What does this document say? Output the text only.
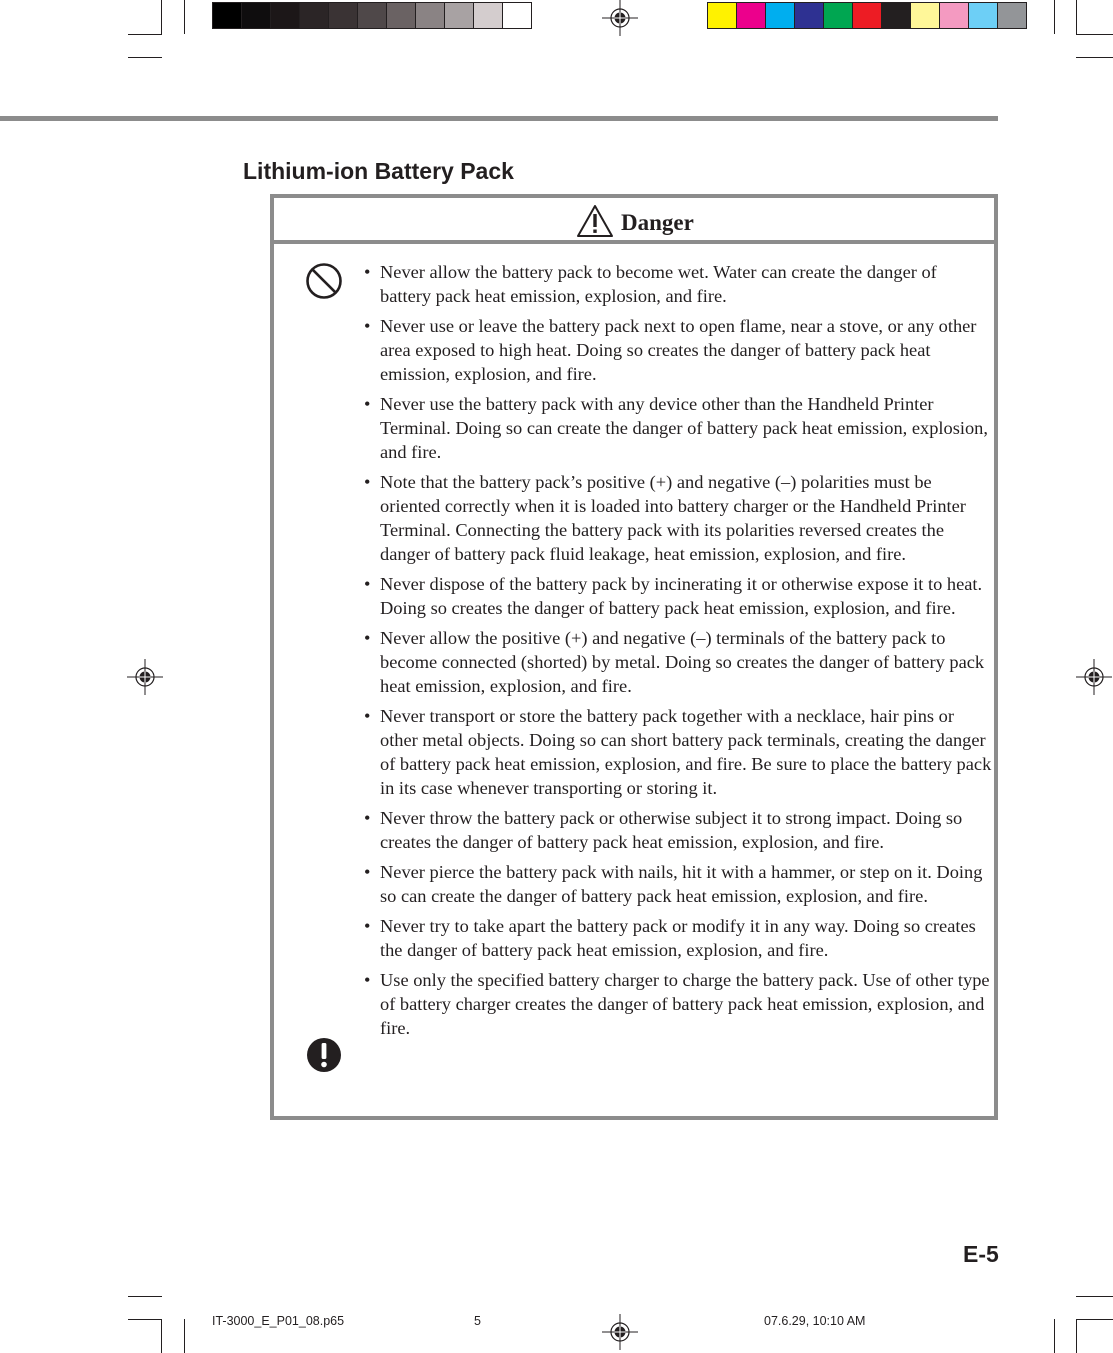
Lithium-ion Battery Pack
Danger
• Never allow the battery pack to become wet. Water can create the danger of battery pack heat emission, explosion, and fire.
• Never use or leave the battery pack next to open flame, near a stove, or any other area exposed to high heat. Doing so creates the danger of battery pack heat emission, explosion, and fire.
• Never use the battery pack with any device other than the Handheld Printer Terminal. Doing so can create the danger of battery pack heat emission, explosion, and fire.
• Note that the battery pack’s positive (+) and negative (–) polarities must be oriented correctly when it is loaded into battery charger or the Handheld Printer Terminal. Connecting the battery pack with its polarities reversed creates the danger of battery pack fluid leakage, heat emission, explosion, and fire.
• Never dispose of the battery pack by incinerating it or otherwise expose it to heat. Doing so creates the danger of battery pack heat emission, explosion, and fire.
• Never allow the positive (+) and negative (–) terminals of the battery pack to become connected (shorted) by metal. Doing so creates the danger of battery pack heat emission, explosion, and fire.
• Never transport or store the battery pack together with a necklace, hair pins or other metal objects. Doing so can short battery pack terminals, creating the danger of battery pack heat emission, explosion, and fire. Be sure to place the battery pack in its case whenever transporting or storing it.
• Never throw the battery pack or otherwise subject it to strong impact. Doing so creates the danger of battery pack heat emission, explosion, and fire.
• Never pierce the battery pack with nails, hit it with a hammer, or step on it. Doing so can create the danger of battery pack heat emission, explosion, and fire.
• Never try to take apart the battery pack or modify it in any way. Doing so creates the danger of battery pack heat emission, explosion, and fire.
• Use only the specified battery charger to charge the battery pack. Use of other type of battery charger creates the danger of battery pack heat emission, explosion, and fire.
E-5
IT-3000_E_P01_08.p65	5	07.6.29, 10:10 AM
